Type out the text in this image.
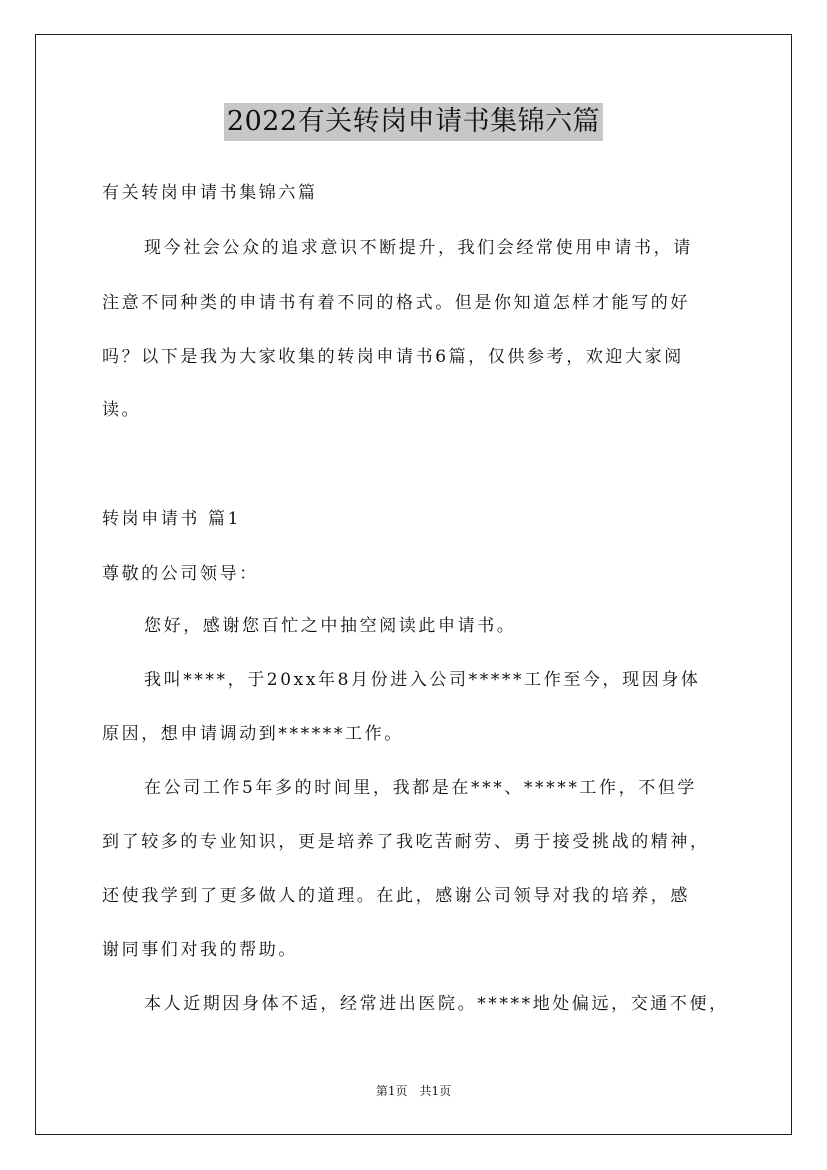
2022有关转岗申请书集锦六篇
有关转岗申请书集锦六篇
现今社会公众的追求意识不断提升，我们会经常使用申请书，请
注意不同种类的申请书有着不同的格式。但是你知道怎样才能写的好
吗？以下是我为大家收集的转岗申请书6篇，仅供参考，欢迎大家阅
读。
转岗申请书 篇1
尊敬的公司领导：
您好，感谢您百忙之中抽空阅读此申请书。
我叫****，于20xx年8月份进入公司*****工作至今，现因身体
原因，想申请调动到******工作。
在公司工作5年多的时间里，我都是在***、*****工作，不但学
到了较多的专业知识，更是培养了我吃苦耐劳、勇于接受挑战的精神，
还使我学到了更多做人的道理。在此，感谢公司领导对我的培养，感
谢同事们对我的帮助。
本人近期因身体不适，经常进出医院。*****地处偏远，交通不便，
第1页 共1页
